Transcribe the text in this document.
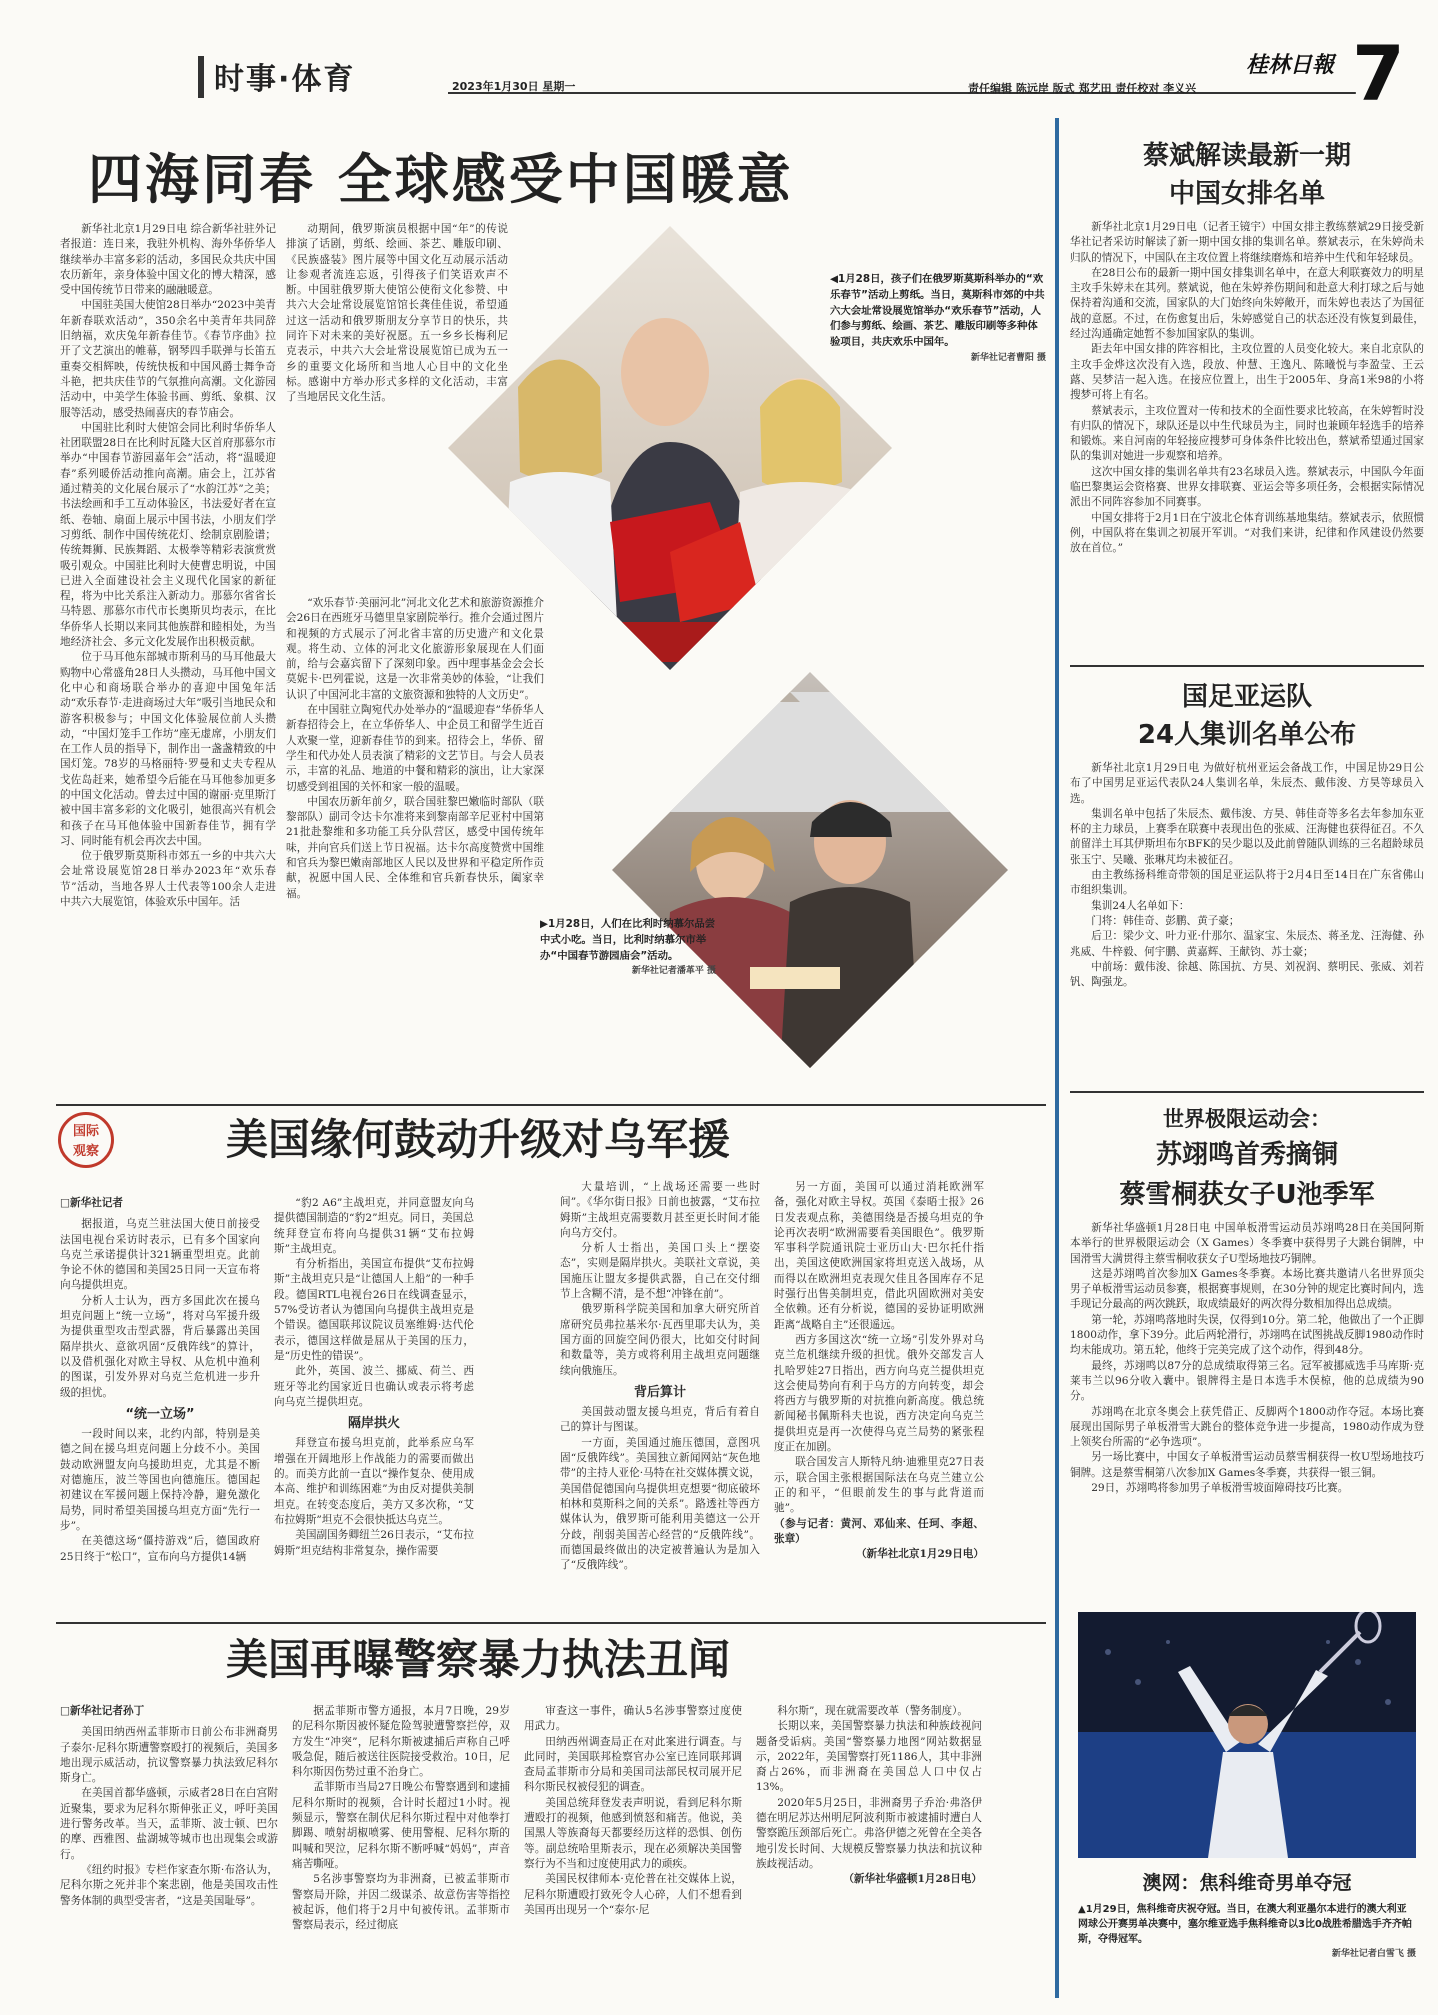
时事·体育	2023年1月30日 星期一
桂林日報 7
责任编辑 陈远岸 版式 郑艺田 责任校对 李义兴
四海同春 全球感受中国暖意

新华社北京1月29日电 综合新华社驻外记者报道：连日来，我驻外机构、海外华侨华人继续举办丰富多彩的活动，多国民众共庆中国农历新年，亲身体验中国文化的博大精深，感受中国传统节日带来的融融暖意。

中国驻美国大使馆28日举办“2023中美青年新春联欢活动”，350余名中美青年共同辞旧纳福，欢庆兔年新春佳节。《春节序曲》拉开了文艺演出的帷幕，钢琴四手联弹与长笛五重奏交相辉映，传统快板和中国风爵士舞争奇斗艳，把共庆佳节的气氛推向高潮。文化游园活动中，中美学生体验书画、剪纸、象棋、汉服等活动，感受热闹喜庆的春节庙会。

中国驻比利时大使馆会同比利时华侨华人社团联盟28日在比利时瓦隆大区首府那慕尔市举办“中国春节游园嘉年会”活动，将“温暖迎春”系列暖侨活动推向高潮。庙会上，江苏省通过精美的文化展台展示了“水韵江苏”之美；书法绘画和手工互动体验区，书法爱好者在宣纸、卷轴、扇面上展示中国书法，小朋友们学习剪纸、制作中国传统花灯、绘制京剧脸谱；传统舞狮、民族舞蹈、太极拳等精彩表演赏赏吸引观众。中国驻比利时大使曹忠明说，中国已进入全面建设社会主义现代化国家的新征程，将为中比关系注入新动力。那慕尔省省长马特恩、那慕尔市代市长奥斯贝均表示，在比华侨华人长期以来同其他族群和睦相处，为当地经济社会、多元文化发展作出积极贡献。

位于马耳他东部城市斯利马的马耳他最大购物中心常盛角28日人头攒动，马耳他中国文化中心和商场联合举办的喜迎中国兔年活动“欢乐春节·走进商场过大年”吸引当地民众和游客积极参与；中国文化体验展位前人头攒动，“中国灯笼手工作坊”座无虚席，小朋友们在工作人员的指导下，制作出一盏盏精致的中国灯笼。78岁的马格丽特·罗曼和丈夫专程从戈佐岛赶来，她希望今后能在马耳他参加更多的中国文化活动。曾去过中国的谢丽·克里斯汀被中国丰富多彩的文化吸引，她很高兴有机会和孩子在马耳他体验中国新春佳节，拥有学习、同时能有机会再次去中国。

位于俄罗斯莫斯科市郊五一乡的中共六大会址常设展览馆28日举办2023年“欢乐春节”活动，当地各界人士代表等100余人走进中共六大展览馆，体验欢乐中国年。活

动期间，俄罗斯演员根据中国“年”的传说排演了话剧，剪纸、绘画、茶艺、雕版印刷、《民族盛装》图片展等中国文化互动展示活动让参观者流连忘返，引得孩子们笑语欢声不断。中国驻俄罗斯大使馆公使衔文化参赞、中共六大会址常设展览馆馆长龚佳佳说，希望通过这一活动和俄罗斯朋友分享节日的快乐，共同许下对未来的美好祝愿。五一乡乡长梅利尼克表示，中共六大会址常设展览馆已成为五一乡的重要文化场所和当地人心目中的文化坐标。感谢中方举办形式多样的文化活动，丰富了当地居民文化生活。

“欢乐春节·美丽河北”河北文化艺术和旅游资源推介会26日在西班牙马德里皇家剧院举行。推介会通过图片和视频的方式展示了河北省丰富的历史遗产和文化景观。将生动、立体的河北文化旅游形象展现在人们面前，给与会嘉宾留下了深刻印象。西中理事基金会会长莫妮卡·巴列霍说，这是一次非常美妙的体验，“让我们认识了中国河北丰富的文旅资源和独特的人文历史”。

在中国驻立陶宛代办处举办的“温暖迎春”华侨华人新春招待会上，在立华侨华人、中企员工和留学生近百人欢聚一堂，迎新春佳节的到来。招待会上，华侨、留学生和代办处人员表演了精彩的文艺节目。与会人员表示，丰富的礼品、地道的中餐和精彩的演出，让大家深切感受到祖国的关怀和家一般的温暖。

中国农历新年前夕，联合国驻黎巴嫩临时部队（联黎部队）副司令达卡尔准将来到黎南部辛尼亚村中国第21批赴黎维和多功能工兵分队营区，感受中国传统年味，并向官兵们送上节日祝福。达卡尔高度赞赏中国维和官兵为黎巴嫩南部地区人民以及世界和平稳定所作贡献，祝愿中国人民、全体维和官兵新春快乐，阖家幸福。

◀1月28日，孩子们在俄罗斯莫斯科举办的“欢乐春节”活动上剪纸。当日，莫斯科市郊的中共六大会址常设展览馆举办“欢乐春节”活动，人们参与剪纸、绘画、茶艺、雕版印刷等多种体验项目，共庆欢乐中国年。
新华社记者曹阳 摄
▶1月28日，人们在比利时纳慕尔品尝中式小吃。当日，比利时纳慕尔市举办“中国春节游园庙会”活动。
新华社记者潘革平 摄
蔡斌解读最新一期
中国女排名单

新华社北京1月29日电（记者王镜宇）中国女排主教练蔡斌29日接受新华社记者采访时解读了新一期中国女排的集训名单。蔡斌表示，在朱婷尚未归队的情况下，中国队在主攻位置上将继续磨炼和培养中生代和年轻球员。

在28日公布的最新一期中国女排集训名单中，在意大利联赛效力的明星主攻手朱婷未在其列。蔡斌说，他在朱婷养伤期间和赴意大利打球之后与她保持着沟通和交流，国家队的大门始终向朱婷敞开，而朱婷也表达了为国征战的意愿。不过，在伤愈复出后，朱婷感觉自己的状态还没有恢复到最佳，经过沟通确定她暂不参加国家队的集训。

距去年中国女排的阵容相比，主攻位置的人员变化较大。来自北京队的主攻手金烨这次没有入选，段放、仲慧、王逸凡、陈曦悦与李盈莹、王云蕗、吴梦洁一起入选。在接应位置上，出生于2005年、身高1米98的小将搜梦可将上有名。

蔡斌表示，主攻位置对一传和技术的全面性要求比较高，在朱婷暂时没有归队的情况下，球队还是以中生代球员为主，同时也兼顾年轻选手的培养和锻炼。来自河南的年轻接应搜梦可身体条件比较出色，蔡斌希望通过国家队的集训对她进一步观察和培养。

这次中国女排的集训名单共有23名球员入选。蔡斌表示，中国队今年面临巴黎奥运会资格赛、世界女排联赛、亚运会等多项任务，会根据实际情况派出不同阵容参加不同赛事。

中国女排将于2月1日在宁波北仑体育训练基地集结。蔡斌表示，依照惯例，中国队将在集训之初展开军训。“对我们来讲，纪律和作风建设仍然要放在首位。”

国足亚运队
24人集训名单公布

新华社北京1月29日电 为做好杭州亚运会备战工作，中国足协29日公布了中国男足亚运代表队24人集训名单，朱辰杰、戴伟浚、方昊等球员入选。

集训名单中包括了朱辰杰、戴伟浚、方昊、韩佳奇等多名去年参加东亚杯的主力球员，上赛季在联赛中表现出色的张威、汪海健也获得征召。不久前留洋土耳其伊斯坦布尔BFK的吴少聪以及此前曾随队训练的三名超龄球员张玉宁、吴曦、张琳芃均未被征召。

由主教练扬科维奇带领的国足亚运队将于2月4日至14日在广东省佛山市组织集训。

集训24人名单如下：

门将：韩佳奇、彭鹏、黄子豪；

后卫：梁少文、叶力亚·什那尔、温家宝、朱辰杰、蒋圣龙、汪海健、孙兆威、牛梓毅、何宇鹏、黄嘉辉、王献钧、苏士豪；

中前场：戴伟浚、徐越、陈国抗、方昊、刘祝润、蔡明民、张威、刘若钒、陶强龙。

世界极限运动会：
苏翊鸣首秀摘铜
蔡雪桐获女子U池季军

新华社华盛顿1月28日电 中国单板滑雪运动员苏翊鸣28日在美国阿斯本举行的世界极限运动会（X Games）冬季赛中获得男子大跳台铜牌，中国滑雪大满贯得主蔡雪桐收获女子U型场地技巧铜牌。

这是苏翊鸣首次参加X Games冬季赛。本场比赛共邀请八名世界顶尖男子单板滑雪运动员参赛，根据赛事规则，在30分钟的规定比赛时间内，选手现记分最高的两次跳跃，取成绩最好的两次得分数相加得出总成绩。

第一轮，苏翊鸣落地时失误，仅得到10分。第二轮，他做出了一个正脚1800动作，拿下39分。此后两轮滑行，苏翊鸣在试图挑战反脚1980动作时均未能成功。第五轮，他终于完美完成了这个动作，得到48分。

最终，苏翊鸣以87分的总成绩取得第三名。冠军被挪威选手马库斯·克莱韦兰以96分收入囊中。银牌得主是日本选手木俣椋，他的总成绩为90分。

苏翊鸣在北京冬奥会上获凭借正、反脚两个1800动作夺冠。本场比赛展现出国际男子单板滑雪大跳台的整体竞争进一步提高，1980动作成为登上领奖台所需的“必争选项”。

另一场比赛中，中国女子单板滑雪运动员蔡雪桐获得一枚U型场地技巧铜牌。这是蔡雪桐第八次参加X Games冬季赛，共获得一银三铜。

29日，苏翊鸣将参加男子单板滑雪坡面障碍技巧比赛。

澳网：焦科维奇男单夺冠
▲1月29日，焦科维奇庆祝夺冠。当日，在澳大利亚墨尔本进行的澳大利亚网球公开赛男单决赛中，塞尔维亚选手焦科维奇以3比0战胜希腊选手齐齐帕斯，夺得冠军。
新华社记者白雪飞 摄
国际
观察	美国缘何鼓动升级对乌军援
□新华社记者

据报道，乌克兰驻法国大使日前接受法国电视台采访时表示，已有多个国家向乌克兰承诺提供计321辆重型坦克。此前争论不休的德国和美国25日同一天宣布将向乌提供坦克。

分析人士认为，西方多国此次在援乌坦克问题上“统一立场”，将对乌军援升级为提供重型攻击型武器，背后暴露出美国隔岸拱火、意欲巩固“反俄阵线”的算计，以及借机强化对欧主导权、从危机中渔利的图谋，引发外界对乌克兰危机进一步升级的担忧。

“统一立场”

一段时间以来，北约内部，特别是美德之间在援乌坦克问题上分歧不小。美国鼓动欧洲盟友向乌援助坦克，尤其是不断对德施压，波兰等国也向德施压。德国起初建议在军援问题上保持冷静，避免激化局势，同时希望美国援乌坦克方面“先行一步”。

在美德这场“僵持游戏”后，德国政府25日终于“松口”，宣布向乌方提供14辆

“豹2 A6”主战坦克，并同意盟友向乌提供德国制造的“豹2”坦克。同日，美国总统拜登宣布将向乌提供31辆“艾布拉姆斯”主战坦克。

有分析指出，美国宣布提供“艾布拉姆斯”主战坦克只是“让德国人上船”的一种手段。德国RTL电视台26日在线调查显示，57%受访者认为德国向乌提供主战坦克是个错误。德国联邦议院议员塞维姆·达代伦表示，德国这样做是屈从于美国的压力，是“历史性的错误”。

此外，英国、波兰、挪威、荷兰、西班牙等北约国家近日也确认或表示将考虑向乌克兰提供坦克。

隔岸拱火

拜登宣布援乌坦克前，此举系应乌军增强在开阔地形上作战能力的需要而做出的。而美方此前一直以“操作复杂、使用成本高、维护和训练困难”为由反对提供美制坦克。在转变态度后，美方又多次称，“艾布拉姆斯”坦克不会很快抵达乌克兰。

美国副国务卿纽兰26日表示，“艾布拉姆斯”坦克结构非常复杂，操作需要

大量培训，“上战场还需要一些时间”。《华尔街日报》日前也披露，“艾布拉姆斯”主战坦克需要数月甚至更长时间才能向乌方交付。

分析人士指出，美国口头上“摆姿态”，实则是隔岸拱火。美联社文章说，美国施压让盟友多提供武器，自己在交付细节上含糊不清，是不想“冲锋在前”。

俄罗斯科学院美国和加拿大研究所首席研究员弗拉基米尔·瓦西里耶夫认为，美国方面的回旋空间仍很大，比如交付时间和数量等，美方或将利用主战坦克问题继续向俄施压。

背后算计

美国鼓动盟友援乌坦克，背后有着自己的算计与图谋。

一方面，美国通过施压德国，意图巩固“反俄阵线”。美国独立新闻网站“灰色地带”的主持人亚伦·马特在社交媒体撰文说，美国借促德国向乌提供坦克想要“彻底破坏柏林和莫斯科之间的关系”。路透社等西方媒体认为，俄罗斯可能利用美德这一公开分歧，削弱美国苦心经营的“反俄阵线”。而德国最终做出的决定被普遍认为是加入了“反俄阵线”。

另一方面，美国可以通过消耗欧洲军备，强化对欧主导权。英国《泰晤士报》26日发表观点称，美德围绕是否援乌坦克的争论再次表明“欧洲需要看美国眼色”。俄罗斯军事科学院通讯院士亚历山大·巴尔托什指出，美国这使欧洲国家将坦克送入战场，从而得以在欧洲坦克表现欠佳且各国库存不足时强行出售美制坦克，借此巩固欧洲对美安全依赖。还有分析说，德国的妥协证明欧洲距离“战略自主”还很遥远。

西方多国这次“统一立场”引发外界对乌克兰危机继续升级的担忧。俄外交部发言人扎哈罗娃27日指出，西方向乌克兰提供坦克这会使局势向有利于乌方的方向转变，却会将西方与俄罗斯的对抗推向新高度。俄总统新闻秘书佩斯科夫也说，西方决定向乌克兰提供坦克是再一次使得乌克兰局势的紧张程度正在加剧。

联合国发言人斯特凡纳·迪雅里克27日表示，联合国主张根据国际法在乌克兰建立公正的和平，“但眼前发生的事与此背道而驰”。

（参与记者：黄河、邓仙来、任珂、李超、张章）
（新华社北京1月29日电）
美国再曝警察暴力执法丑闻
□新华社记者孙丁

美国田纳西州孟菲斯市日前公布非洲裔男子泰尔·尼科尔斯遭警察殴打的视频后，美国多地出现示威活动，抗议警察暴力执法致尼科尔斯身亡。

在美国首都华盛顿，示威者28日在白宫附近聚集，要求为尼科尔斯伸张正义，呼吁美国进行警务改革。当天，孟菲斯、波士顿、巴尔的摩、西雅图、盐湖城等城市也出现集会或游行。

《纽约时报》专栏作家查尔斯·布洛认为，尼科尔斯之死并非个案悲剧，他是美国攻击性警务体制的典型受害者，“这是美国耻辱”。

据孟菲斯市警方通报，本月7日晚，29岁的尼科尔斯因被怀疑危险驾驶遭警察拦停，双方发生“冲突”，尼科尔斯被逮捕后声称自己呼吸急促，随后被送往医院接受救治。10日，尼科尔斯因伤势过重不治身亡。

孟菲斯市当局27日晚公布警察遇到和逮捕尼科尔斯时的视频，合计时长超过1小时。视频显示，警察在制伏尼科尔斯过程中对他拳打脚踢、喷射胡椒喷雾、使用警棍、尼科尔斯的叫喊和哭泣，尼科尔斯不断呼喊“妈妈”，声音痛苦嘶哑。

5名涉事警察均为非洲裔，已被孟菲斯市警察局开除，并因二级谋杀、故意伤害等指控被起诉，他们将于2月中旬被传讯。孟菲斯市警察局表示，经过彻底

审查这一事件，确认5名涉事警察过度使用武力。

田纳西州调查局正在对此案进行调查。与此同时，美国联邦检察官办公室已连同联邦调查局孟菲斯市分局和美国司法部民权司展开尼科尔斯民权被侵犯的调查。

美国总统拜登发表声明说，看到尼科尔斯遭殴打的视频，他感到愤怒和痛苦。他说，美国黑人等族裔每天都要经历这样的恐惧、创伤等。副总统哈里斯表示，现在必须解决美国警察行为不当和过度使用武力的顽疾。

美国民权律师本·克伦普在社交媒体上说，尼科尔斯遭殴打致死令人心碎，人们不想看到美国再出现另一个“泰尔·尼

科尔斯”，现在就需要改革（警务制度）。

长期以来，美国警察暴力执法和种族歧视问题备受诟病。美国“警察暴力地图”网站数据显示，2022年，美国警察打死1186人，其中非洲裔占26%，而非洲裔在美国总人口中仅占13%。

2020年5月25日，非洲裔男子乔治·弗洛伊德在明尼苏达州明尼阿波利斯市被逮捕时遭白人警察跪压颈部后死亡。弗洛伊德之死曾在全美各地引发长时间、大规模反警察暴力执法和抗议种族歧视活动。

（新华社华盛顿1月28日电）
